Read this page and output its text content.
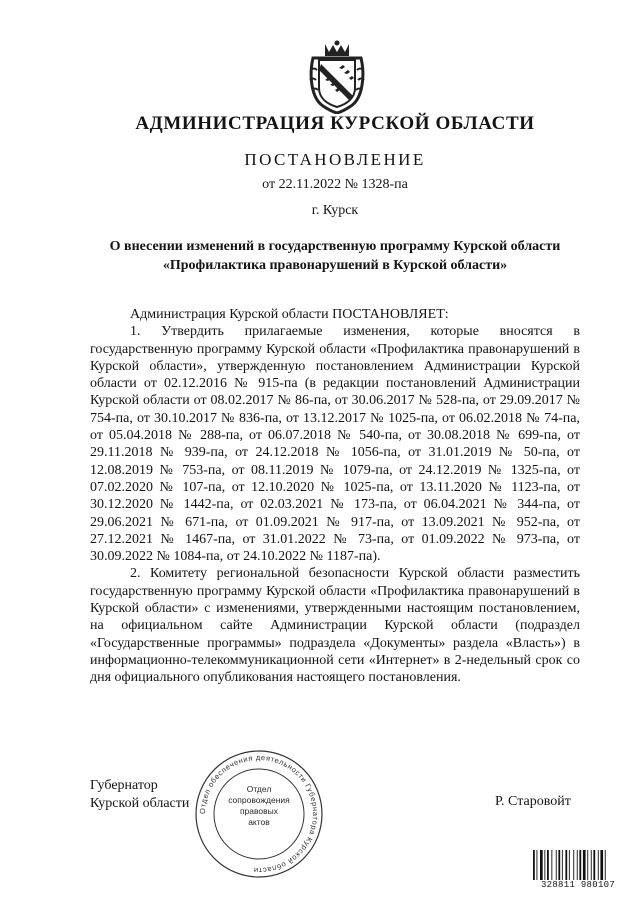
АДМИНИСТРАЦИЯ КУРСКОЙ ОБЛАСТИ
ПОСТАНОВЛЕНИЕ
от 22.11.2022 № 1328-па
г. Курск
О внесении изменений в государственную программу Курской области «Профилактика правонарушений в Курской области»

Администрация Курской области ПОСТАНОВЛЯЕТ:

1. Утвердить прилагаемые изменения, которые вносятся в государственную программу Курской области «Профилактика правонарушений в Курской области», утвержденную постановлением Администрации Курской области от 02.12.2016 № 915-па (в редакции постановлений Администрации Курской области от 08.02.2017 № 86-па, от 30.06.2017 № 528-па, от 29.09.2017 № 754-па, от 30.10.2017 № 836-па, от 13.12.2017 № 1025-па, от 06.02.2018 № 74-па, от 05.04.2018 № 288-па, от 06.07.2018 № 540-па, от 30.08.2018 № 699-па, от 29.11.2018 № 939-па, от 24.12.2018 № 1056-па, от 31.01.2019 № 50-па, от 12.08.2019 № 753-па, от 08.11.2019 № 1079-па, от 24.12.2019 № 1325-па, от 07.02.2020 № 107-па, от 12.10.2020 № 1025-па, от 13.11.2020 № 1123-па, от 30.12.2020 № 1442-па, от 02.03.2021 № 173-па, от 06.04.2021 № 344-па, от 29.06.2021 № 671-па, от 01.09.2021 № 917-па, от 13.09.2021 № 952-па, от 27.12.2021 № 1467-па, от 31.01.2022 № 73-па, от 01.09.2022 № 973-па, от 30.09.2022 № 1084-па, от 24.10.2022 № 1187-па).

2. Комитету региональной безопасности Курской области разместить государственную программу Курской области «Профилактика правонарушений в Курской области» с изменениями, утвержденными настоящим постановлением, на официальном сайте Администрации Курской области (подраздел «Государственные программы» подраздела «Документы» раздела «Власть») в информационно-телекоммуникационной сети «Интернет» в 2-недельный срок со дня официального опубликования настоящего постановления.

Губернатор
Курской области	Р. Старовойт
Отдел обеспечения деятельности Губернатора Курской области
Отдел
сопровождения
правовых
актов
328811 980107
